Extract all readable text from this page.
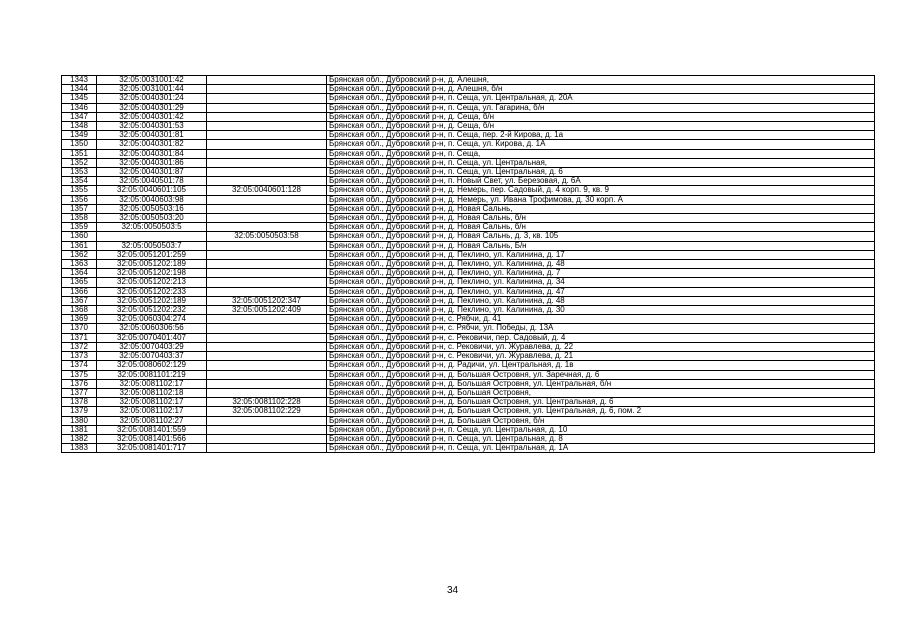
1343	32:05:0031001:42		Брянская обл., Дубровский р-н, д. Алешня,
1344	32:05:0031001:44		Брянская обл., Дубровский р-н, д. Алешня, б/н
1345	32:05:0040301:24		Брянская обл., Дубровский р-н, п. Сеща, ул. Центральная, д. 20А
1346	32:05:0040301:29		Брянская обл., Дубровский р-н, п. Сеща, ул. Гагарина, б/н
1347	32:05:0040301:42		Брянская обл., Дубровский р-н, д. Сеща, б/н
1348	32:05:0040301:53		Брянская обл., Дубровский р-н, д. Сеща, б/н
1349	32:05:0040301:81		Брянская обл., Дубровский р-н, п. Сеща, пер. 2-й Кирова, д. 1а
1350	32:05:0040301:82		Брянская обл., Дубровский р-н, п. Сеща, ул. Кирова, д. 1А
1351	32:05:0040301:84		Брянская обл., Дубровский р-н, п. Сеща,
1352	32:05:0040301:86		Брянская обл., Дубровский р-н, п. Сеща, ул. Центральная,
1353	32:05:0040301:87		Брянская обл., Дубровский р-н, п. Сеща, ул. Центральная, д. 6
1354	32:05:0040501:78		Брянская обл., Дубровский р-н, п. Новый Свет, ул. Березовая, д. 6А
1355	32:05:0040601:105	32:05:0040601:128	Брянская обл., Дубровский р-н, д. Немерь, пер. Садовый, д. 4 корп. 9, кв. 9
1356	32:05:0040603:98		Брянская обл., Дубровский р-н, д. Немерь, ул. Ивана Трофимова, д. 30 корп. А
1357	32:05:0050503:16		Брянская обл., Дубровский р-н, д. Новая Сальнь,
1358	32:05:0050503:20		Брянская обл., Дубровский р-н, д. Новая Сальнь, б/н
1359	32:05:0050503:5		Брянская обл., Дубровский р-н, д. Новая Сальнь, б/н
1360		32:05:0050503:58	Брянская обл., Дубровский р-н, д. Новая Сальнь, д. 3, кв. 105
1361	32:05:0050503:7		Брянская обл., Дубровский р-н, д. Новая Сальнь, Б/н
1362	32:05:0051201:259		Брянская обл., Дубровский р-н, д. Пеклино, ул. Калинина, д. 17
1363	32:05:0051202:189		Брянская обл., Дубровский р-н, д. Пеклино, ул. Калинина, д. 48
1364	32:05:0051202:198		Брянская обл., Дубровский р-н, д. Пеклино, ул. Калинина, д. 7
1365	32:05:0051202:213		Брянская обл., Дубровский р-н, д. Пеклино, ул. Калинина, д. 34
1366	32:05:0051202:233		Брянская обл., Дубровский р-н, д. Пеклино, ул. Калинина, д. 47
1367	32:05:0051202:189	32:05:0051202:347	Брянская обл., Дубровский р-н, д. Пеклино, ул. Калинина, д. 48
1368	32:05:0051202:232	32:05:0051202:409	Брянская обл., Дубровский р-н, д. Пеклино, ул. Калинина, д. 30
1369	32:05:0060304:274		Брянская обл., Дубровский р-н, с. Рябчи, д. 41
1370	32:05:0060306:56		Брянская обл., Дубровский р-н, с. Рябчи, ул. Победы, д. 13А
1371	32:05:0070401:407		Брянская обл., Дубровский р-н, с. Рековичи, пер. Садовый, д. 4
1372	32:05:0070403:29		Брянская обл., Дубровский р-н, с. Рековичи, ул. Журавлева, д. 22
1373	32:05:0070403:37		Брянская обл., Дубровский р-н, с. Рековичи, ул. Журавлева, д. 21
1374	32:05:0080602:129		Брянская обл., Дубровский р-н, д. Радичи, ул. Центральная, д. 1в
1375	32:05:0081101:219		Брянская обл., Дубровский р-н, д. Большая Островня, ул. Заречная, д. 6
1376	32:05:0081102:17		Брянская обл., Дубровский р-н, д. Большая Островня, ул. Центральная, б/н
1377	32:05:0081102:18		Брянская обл., Дубровский р-н, д. Большая Островня,
1378	32:05:0081102:17	32:05:0081102:228	Брянская обл., Дубровский р-н, д. Большая Островня, ул. Центральная, д. 6
1379	32:05:0081102:17	32:05:0081102:229	Брянская обл., Дубровский р-н, д. Большая Островня, ул. Центральная, д. 6, пом. 2
1380	32:05:0081102:27		Брянская обл., Дубровский р-н, д. Большая Островня, б/н
1381	32:05:0081401:559		Брянская обл., Дубровский р-н, п. Сеща, ул. Центральная, д. 10
1382	32:05:0081401:566		Брянская обл., Дубровский р-н, п. Сеща, ул. Центральная, д. 8
1383	32:05:0081401:717		Брянская обл., Дубровский р-н, п. Сеща, ул. Центральная, д. 1А
34
